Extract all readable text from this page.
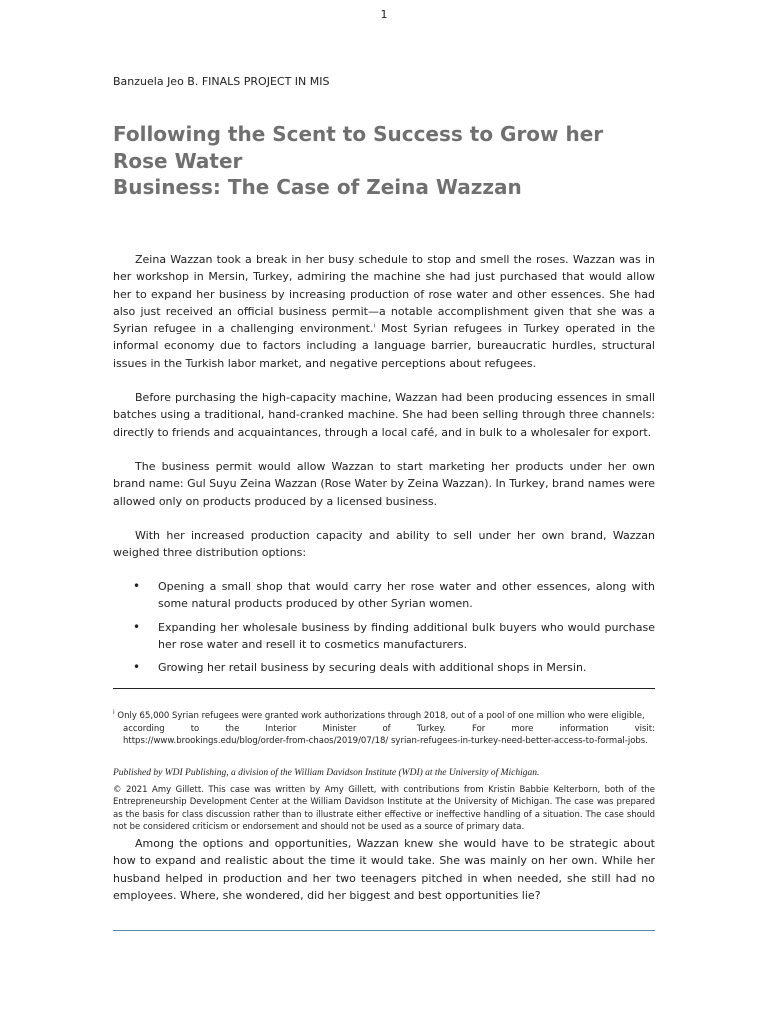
1
Banzuela Jeo B. FINALS PROJECT IN MIS
Following the Scent to Success to Grow her
Rose Water
Business: The Case of Zeina Wazzan

Zeina Wazzan took a break in her busy schedule to stop and smell the roses. Wazzan was in her workshop in Mersin, Turkey, admiring the machine she had just purchased that would allow her to expand her business by increasing production of rose water and other essences. She had also just received an official business permit—a notable accomplishment given that she was a Syrian refugee in a challenging environment.$^i$ Most Syrian refugees in Turkey operated in the informal economy due to factors including a language barrier, bureaucratic hurdles, structural issues in the Turkish labor market, and negative perceptions about refugees.

Before purchasing the high-capacity machine, Wazzan had been producing essences in small batches using a traditional, hand-cranked machine. She had been selling through three channels: directly to friends and acquaintances, through a local café, and in bulk to a wholesaler for export.

The business permit would allow Wazzan to start marketing her products under her own brand name: Gul Suyu Zeina Wazzan (Rose Water by Zeina Wazzan). In Turkey, brand names were allowed only on products produced by a licensed business.

With her increased production capacity and ability to sell under her own brand, Wazzan weighed three distribution options:

• Opening a small shop that would carry her rose water and other essences, along with some natural products produced by other Syrian women.
• Expanding her wholesale business by finding additional bulk buyers who would purchase her rose water and resell it to cosmetics manufacturers.
• Growing her retail business by securing deals with additional shops in Mersin.
$^i$ Only 65,000 Syrian refugees were granted work authorizations through 2018, out of a pool of one million who were eligible,
according to the Interior Minister of Turkey. For more information visit:
https://www.brookings.edu/blog/order-from-chaos/2019/07/18/ syrian-refugees-in-turkey-need-better-access-to-formal-jobs.
Published by WDI Publishing, a division of the William Davidson Institute (WDI) at the University of Michigan.
© 2021 Amy Gillett. This case was written by Amy Gillett, with contributions from Kristin Babbie Kelterborn, both of the Entrepreneurship Development Center at the William Davidson Institute at the University of Michigan. The case was prepared as the basis for class discussion rather than to illustrate either effective or ineffective handling of a situation. The case should not be considered criticism or endorsement and should not be used as a source of primary data.

Among the options and opportunities, Wazzan knew she would have to be strategic about how to expand and realistic about the time it would take. She was mainly on her own. While her husband helped in production and her two teenagers pitched in when needed, she still had no employees. Where, she wondered, did her biggest and best opportunities lie?
